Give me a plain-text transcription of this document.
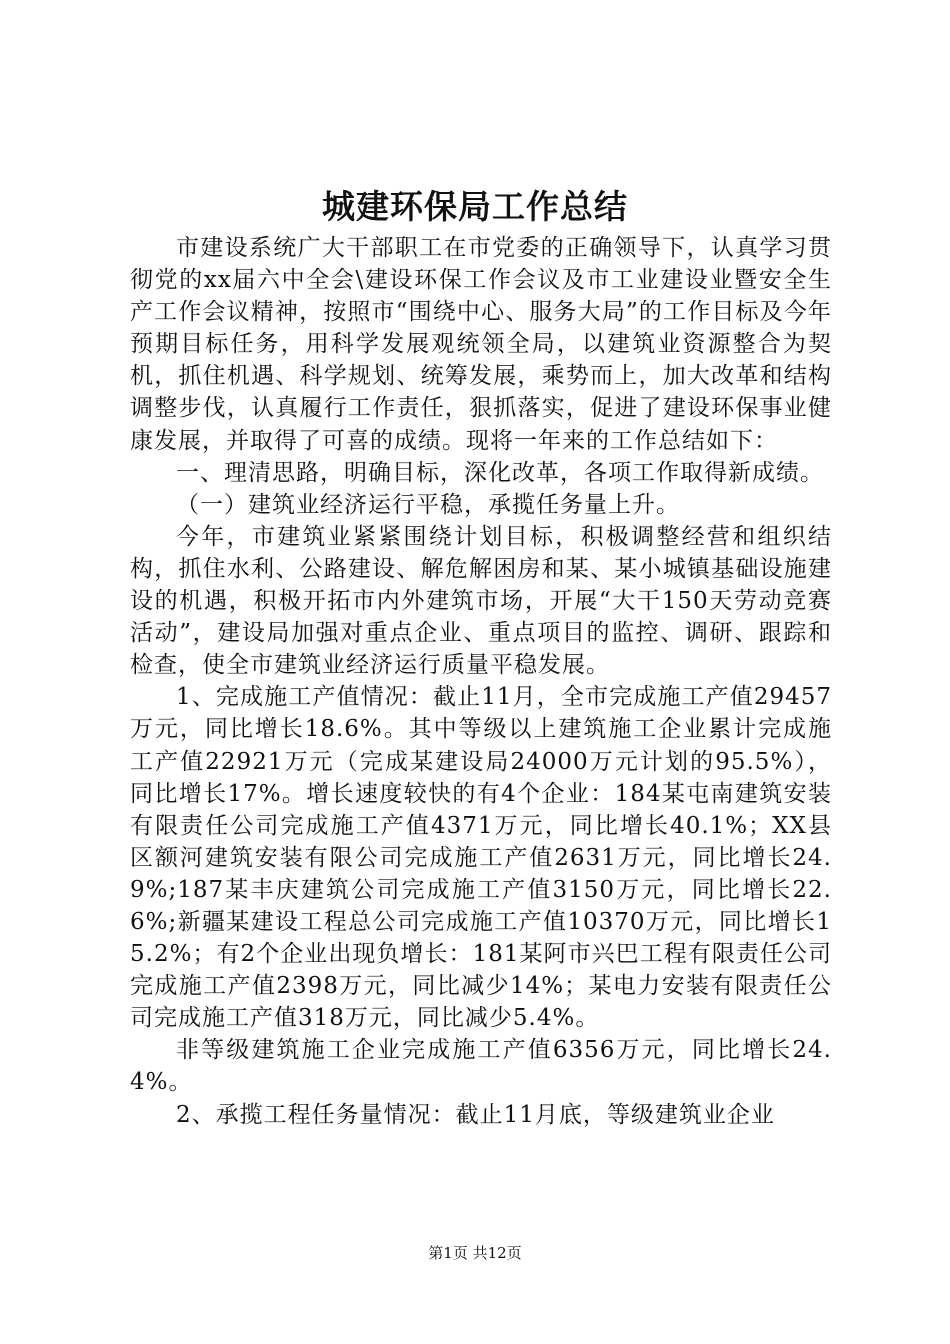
城建环保局工作总结

市建设系统广大干部职工在市党委的正确领导下，认真学习贯彻党的xx届六中全会\建设环保工作会议及市工业建设业暨安全生产工作会议精神，按照市“围绕中心、服务大局”的工作目标及今年预期目标任务，用科学发展观统领全局，以建筑业资源整合为契机，抓住机遇、科学规划、统筹发展，乘势而上，加大改革和结构调整步伐，认真履行工作责任，狠抓落实，促进了建设环保事业健康发展，并取得了可喜的成绩。现将一年来的工作总结如下：

一、理清思路，明确目标，深化改革，各项工作取得新成绩。

（一）建筑业经济运行平稳，承揽任务量上升。

今年，市建筑业紧紧围绕计划目标，积极调整经营和组织结构，抓住水利、公路建设、解危解困房和某、某小城镇基础设施建设的机遇，积极开拓市内外建筑市场，开展“大干150天劳动竞赛活动”，建设局加强对重点企业、重点项目的监控、调研、跟踪和检查，使全市建筑业经济运行质量平稳发展。

1、完成施工产值情况：截止11月，全市完成施工产值29457万元，同比增长18.6%。其中等级以上建筑施工企业累计完成施工产值22921万元（完成某建设局24000万元计划的95.5%），同比增长17%。增长速度较快的有4个企业：184某屯南建筑安装有限责任公司完成施工产值4371万元，同比增长40.1%；XX县区额河建筑安装有限公司完成施工产值2631万元，同比增长24.9%;187某丰庆建筑公司完成施工产值3150万元，同比增长22.6%;新疆某建设工程总公司完成施工产值10370万元，同比增长15.2%；有2个企业出现负增长：181某阿市兴巴工程有限责任公司完成施工产值2398万元，同比减少14%；某电力安装有限责任公司完成施工产值318万元，同比减少5.4%。

非等级建筑施工企业完成施工产值6356万元，同比增长24.4%。

2、承揽工程任务量情况：截止11月底，等级建筑业企业

第1页 共12页
